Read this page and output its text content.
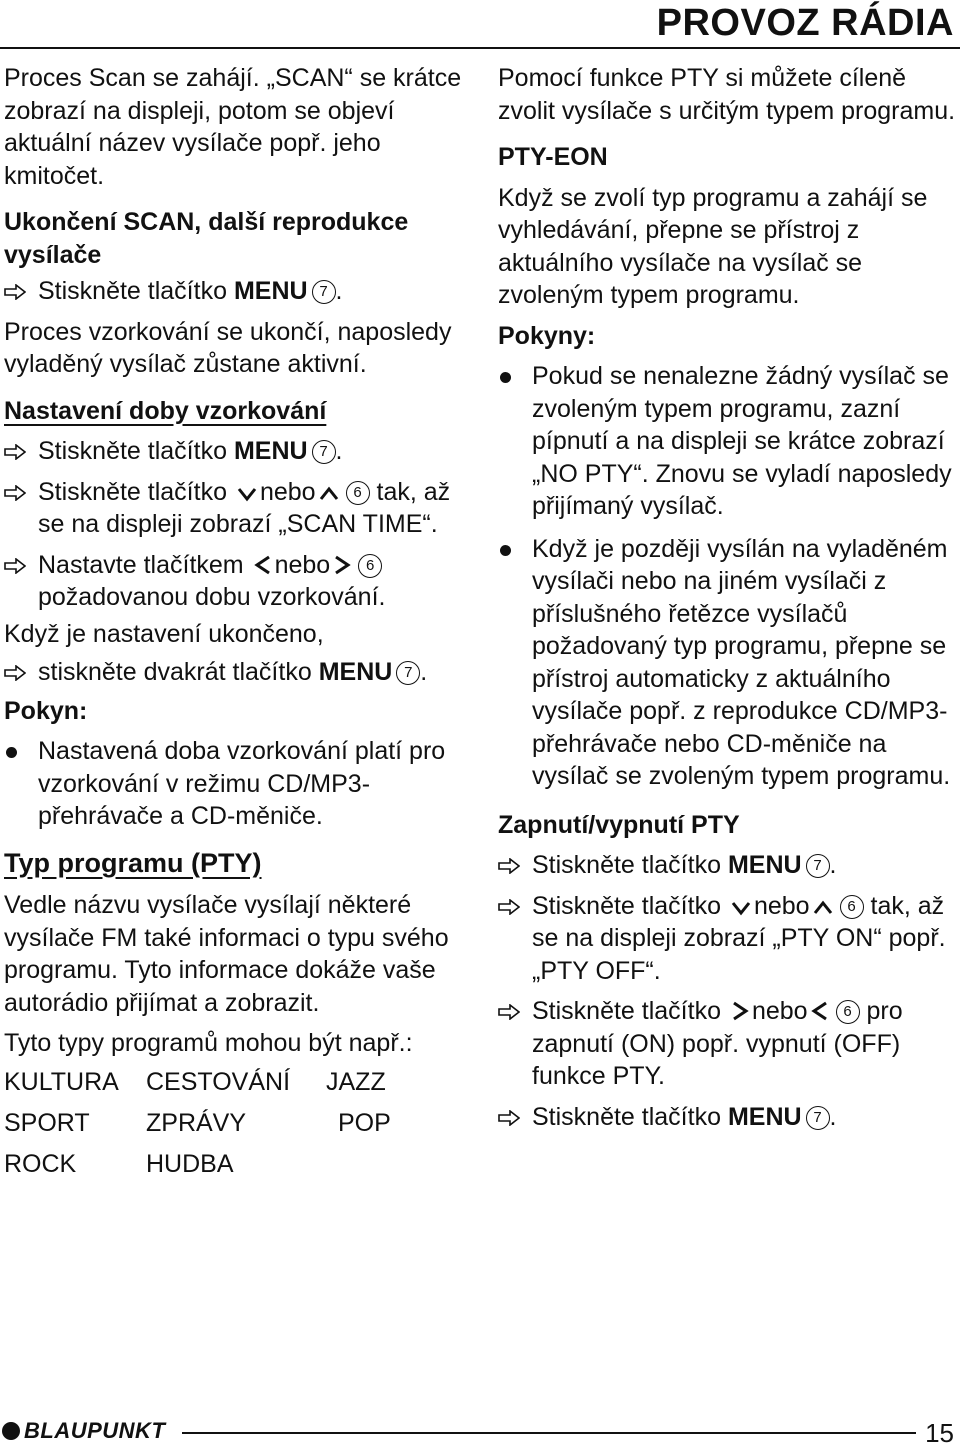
PROVOZ RÁDIA

Proces Scan se zahájí. „SCAN“ se krátce zobrazí na displeji, potom se objeví aktuální název vysílače popř. jeho kmitočet.

Ukončení SCAN, další reprodukce vysílače
Stiskněte tlačítko MENU 7 .

Proces vzorkování se ukončí, naposledy vyladěný vysílač zůstane aktivní.

Nastavení doby vzorkování
Stiskněte tlačítko MENU 7 .
Stiskněte tlačítko nebo	6 tak, až se na displeji zobrazí „SCAN TIME“.
Nastavte tlačítkem nebo 6 požadovanou dobu vzorkování.

Když je nastavení ukončeno,

stiskněte dvakrát tlačítko MENU 7 .
Pokyn:
Nastavená doba vzorkování platí pro vzorkování v režimu CD/MP3-přehrávače a CD-měniče.
Typ programu (PTY)

Vedle názvu vysílače vysílají některé vysílače FM také informaci o typu svého programu. Tyto informace dokáže vaše autorádio přijímat a zobrazit.

Tyto typy programů mohou být např.:

KULTURA	CESTOVÁNÍ	JAZZ
SPORT	ZPRÁVY	POP
ROCK	HUDBA

Pomocí funkce PTY si můžete cíleně zvolit vysílače s určitým typem programu.

PTY-EON

Když se zvolí typ programu a zahájí se vyhledávání, přepne se přístroj z aktuálního vysílače na vysílač se zvoleným typem programu.

Pokyny:
Pokud se nenalezne žádný vysílač se zvoleným typem programu, zazní pípnutí a na displeji se krátce zobrazí „NO PTY“. Znovu se vyladí naposledy přijímaný vysílač.
Když je později vysílán na vyladěném vysílači nebo na jiném vysílači z příslušného řetězce vysílačů požadovaný typ programu, přepne se přístroj automaticky z aktuálního vysílače popř. z reprodukce CD/MP3-přehrávače nebo CD-měniče na vysílač se zvoleným typem programu.
Zapnutí/vypnutí PTY
Stiskněte tlačítko MENU 7 .
Stiskněte tlačítko nebo	6 tak, až se na displeji zobrazí „PTY ON“ popř. „PTY OFF“.
Stiskněte tlačítko nebo 6 pro zapnutí (ON) popř. vypnutí (OFF) funkce PTY.
Stiskněte tlačítko MENU 7 .
BLAUPUNKT	15
